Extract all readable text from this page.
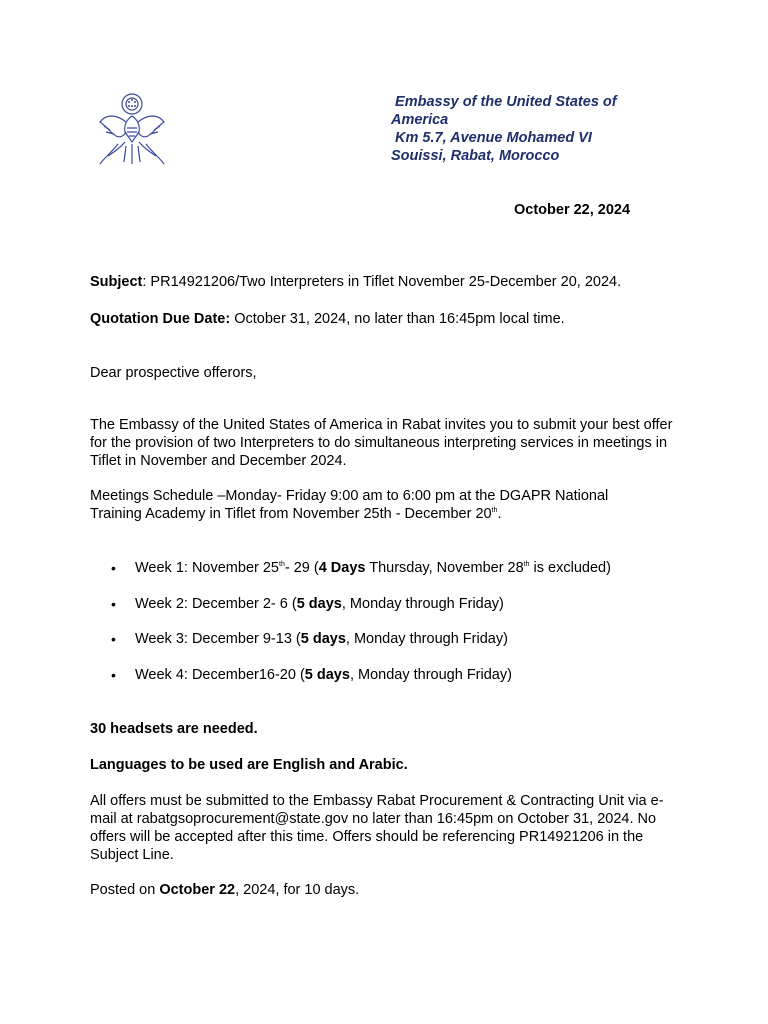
Embassy of the United States of
America
Km 5.7, Avenue Mohamed VI
Souissi, Rabat, Morocco
October 22, 2024
Subject: PR14921206/Two Interpreters in Tiflet November 25-December 20, 2024.
Quotation Due Date: October 31, 2024, no later than 16:45pm local time.
Dear prospective offerors,
The Embassy of the United States of America in Rabat invites you to submit your best offer for the provision of two Interpreters to do simultaneous interpreting services in meetings in Tiflet in November and December 2024.
Meetings Schedule –Monday- Friday 9:00 am to 6:00 pm at the DGAPR National Training Academy in Tiflet from November 25th - December 20th.
• Week 1: November 25th- 29 (4 Days Thursday, November 28th is excluded)
• Week 2: December 2- 6 (5 days, Monday through Friday)
• Week 3: December 9-13 (5 days, Monday through Friday)
• Week 4: December16-20 (5 days, Monday through Friday)
30 headsets are needed.
Languages to be used are English and Arabic.
All offers must be submitted to the Embassy Rabat Procurement & Contracting Unit via e-mail at rabatgsoprocurement@state.gov no later than 16:45pm on October 31, 2024. No offers will be accepted after this time. Offers should be referencing PR14921206 in the Subject Line.
Posted on October 22, 2024, for 10 days.
